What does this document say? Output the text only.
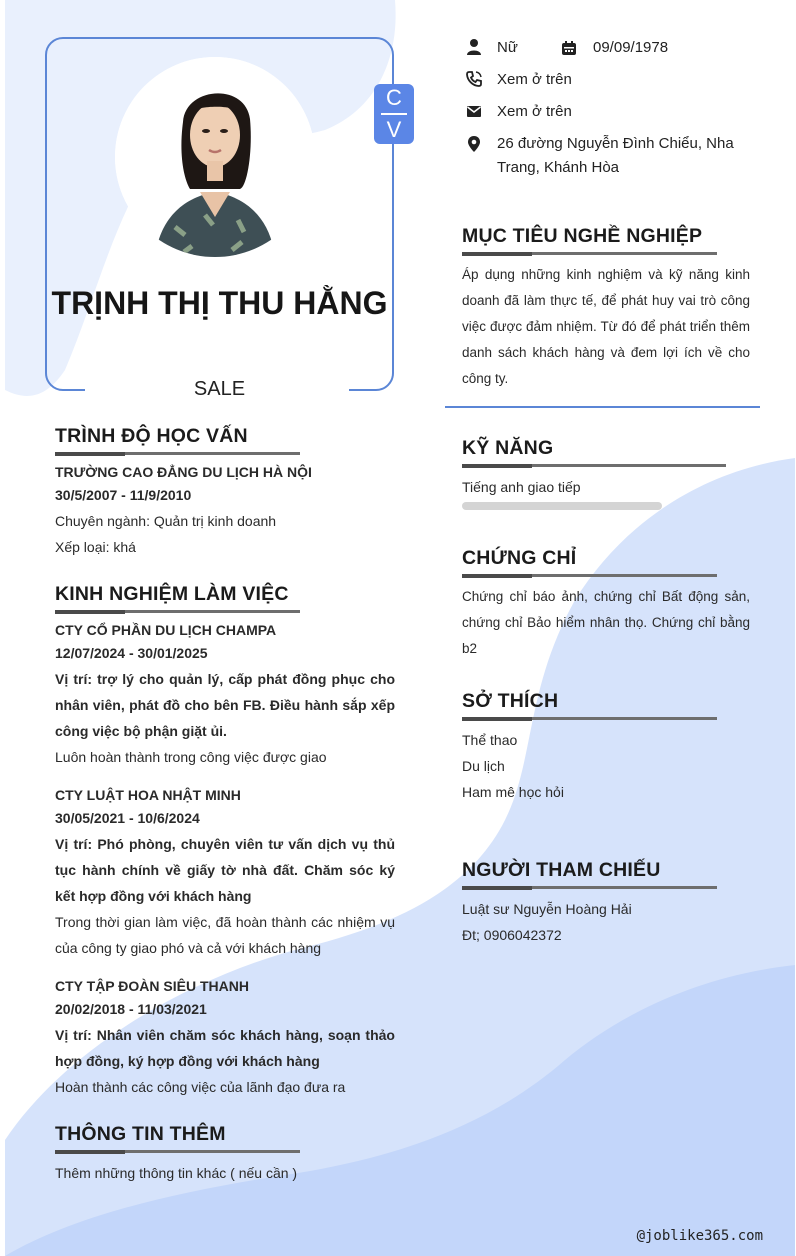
C
V
TRỊNH THỊ THU HẰNG
SALE
Nữ	09/09/1978
Xem ở trên
Xem ở trên
26 đường Nguyễn Đình Chiểu, Nha Trang, Khánh Hòa
TRÌNH ĐỘ HỌC VẤN
TRƯỜNG CAO ĐẲNG DU LỊCH HÀ NỘI
30/5/2007 - 11/9/2010
Chuyên ngành: Quản trị kinh doanh
Xếp loại: khá
KINH NGHIỆM LÀM VIỆC
CTY CỔ PHẦN DU LỊCH CHAMPA
12/07/2024 - 30/01/2025
Vị trí: trợ lý cho quản lý, cấp phát đồng phục cho nhân viên, phát đồ cho bên FB. Điều hành sắp xếp công việc bộ phận giặt ủi.
Luôn hoàn thành trong công việc được giao
CTY LUẬT HOA NHẬT MINH
30/05/2021 - 10/6/2024
Vị trí: Phó phòng, chuyên viên tư vấn dịch vụ thủ tục hành chính về giấy tờ nhà đất. Chăm sóc ký kết hợp đồng với khách hàng
Trong thời gian làm việc, đã hoàn thành các nhiệm vụ của công ty giao phó và cả với khách hàng
CTY TẬP ĐOÀN SIÊU THANH
20/02/2018 - 11/03/2021
Vị trí: Nhân viên chăm sóc khách hàng, soạn thảo hợp đồng, ký hợp đồng với khách hàng
Hoàn thành các công việc của lãnh đạo đưa ra
THÔNG TIN THÊM
Thêm những thông tin khác ( nếu cần )
MỤC TIÊU NGHỀ NGHIỆP
Áp dụng những kinh nghiệm và kỹ năng kinh doanh đã làm thực tế, để phát huy vai trò công việc được đảm nhiệm. Từ đó để phát triển thêm danh sách khách hàng và đem lợi ích về cho công ty.
KỸ NĂNG
Tiếng anh giao tiếp
CHỨNG CHỈ
Chứng chỉ báo ảnh, chứng chỉ Bất động sản, chứng chỉ Bảo hiểm nhân thọ. Chứng chỉ bằng b2
SỞ THÍCH
Thể thao
Du lịch
Ham mê học hỏi
NGƯỜI THAM CHIẾU
Luật sư Nguyễn Hoàng Hải
Đt; 0906042372
@joblike365.com
